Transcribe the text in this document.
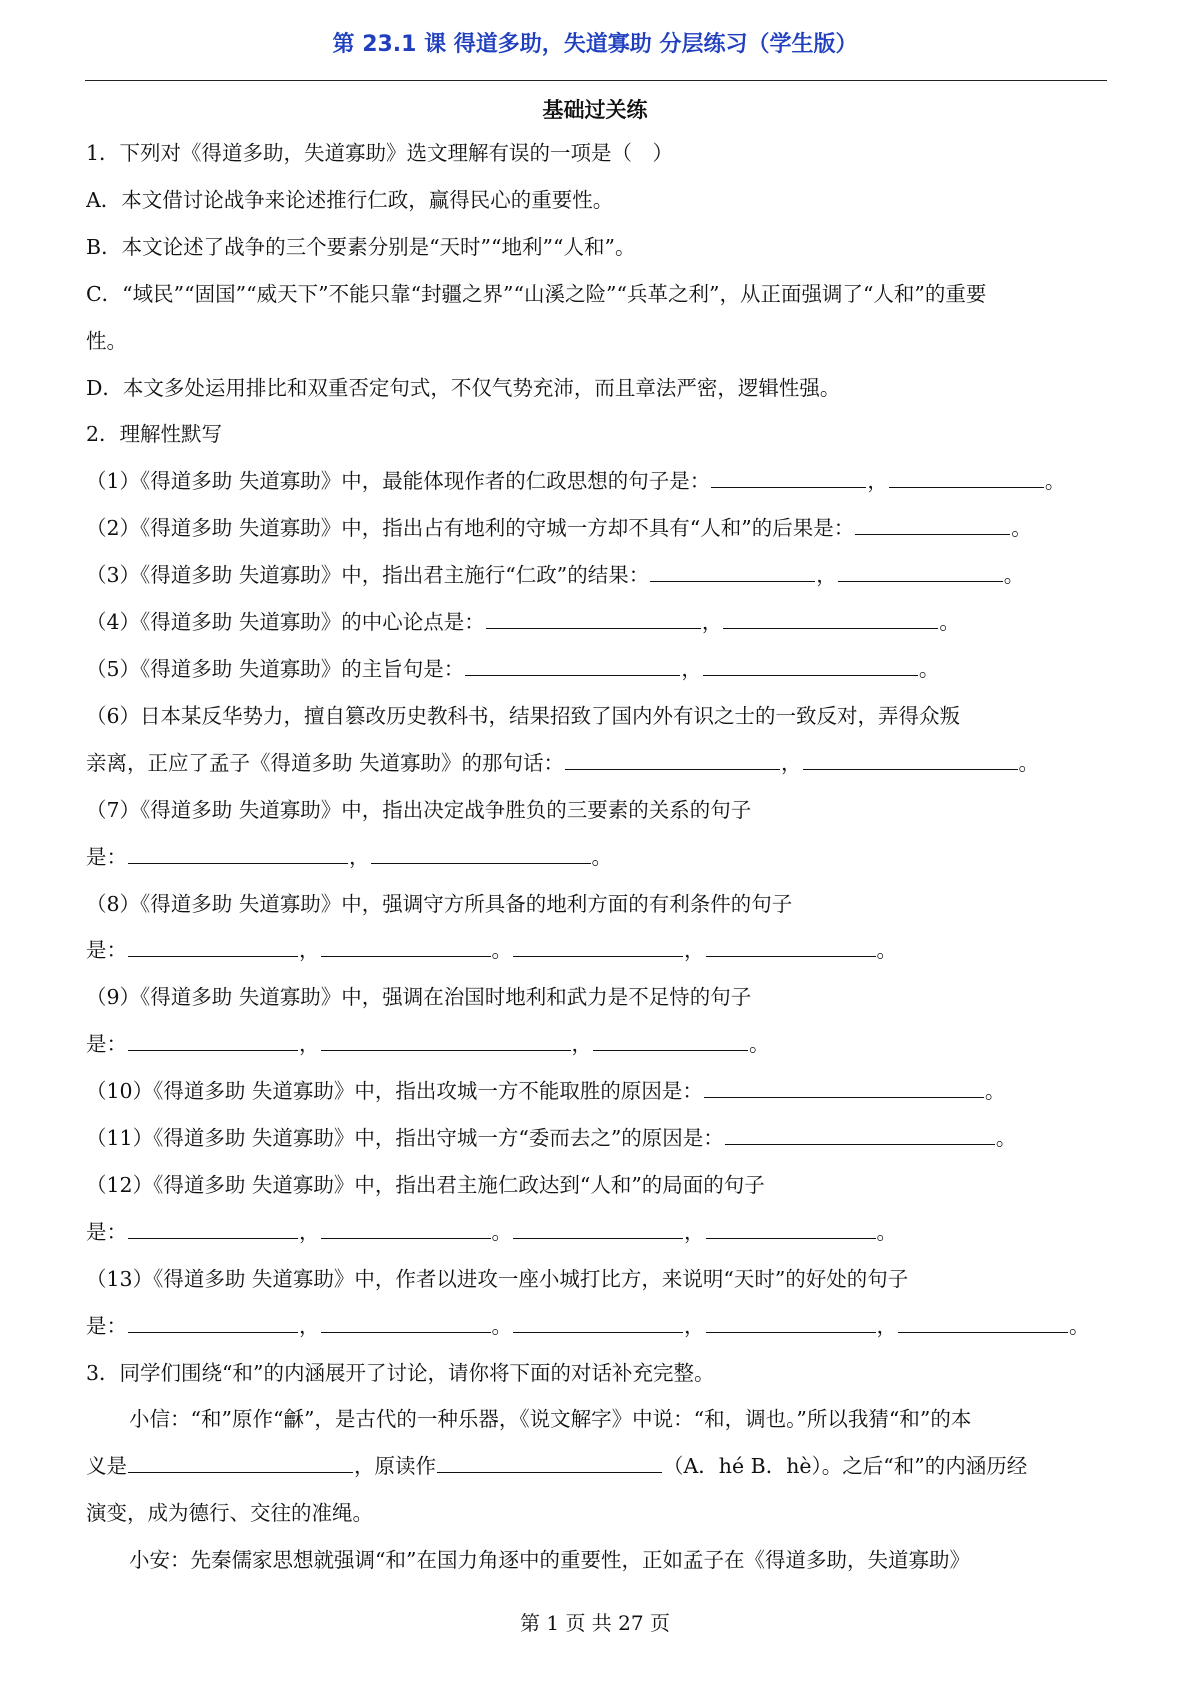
第 23.1 课 得道多助，失道寡助 分层练习（学生版）
基础过关练
1．下列对《得道多助，失道寡助》选文理解有误的一项是（　）
A．本文借讨论战争来论述推行仁政，赢得民心的重要性。
B．本文论述了战争的三个要素分别是“天时”“地利”“人和”。
C．“域民”“固国”“威天下”不能只靠“封疆之界”“山溪之险”“兵革之利”，从正面强调了“人和”的重要
性。
D．本文多处运用排比和双重否定句式，不仅气势充沛，而且章法严密，逻辑性强。
2．理解性默写
（1）《得道多助 失道寡助》中，最能体现作者的仁政思想的句子是：	，	。
（2）《得道多助 失道寡助》中，指出占有地利的守城一方却不具有“人和”的后果是：	。
（3）《得道多助 失道寡助》中，指出君主施行“仁政”的结果：	，	。
（4）《得道多助 失道寡助》的中心论点是：	，	。
（5）《得道多助 失道寡助》的主旨句是：	，	。
（6）日本某反华势力，擅自篡改历史教科书，结果招致了国内外有识之士的一致反对，弄得众叛
亲离，正应了孟子《得道多助 失道寡助》的那句话：	，	。
（7）《得道多助 失道寡助》中，指出决定战争胜负的三要素的关系的句子
是：	，	。
（8）《得道多助 失道寡助》中，强调守方所具备的地利方面的有利条件的句子
是：	，	。	，	。
（9）《得道多助 失道寡助》中，强调在治国时地利和武力是不足恃的句子
是：	，	，	。
（10）《得道多助 失道寡助》中，指出攻城一方不能取胜的原因是：	。
（11）《得道多助 失道寡助》中，指出守城一方“委而去之”的原因是：	。
（12）《得道多助 失道寡助》中，指出君主施仁政达到“人和”的局面的句子
是：	，	。	，	。
（13）《得道多助 失道寡助》中，作者以进攻一座小城打比方，来说明“天时”的好处的句子
是：	，	。	，	，	。
3．同学们围绕“和”的内涵展开了讨论，请你将下面的对话补充完整。
小信：“和”原作“龢”，是古代的一种乐器，《说文解字》中说：“和，调也。”所以我猜“和”的本
义是	，原读作	（A．hé B．hè）。之后“和”的内涵历经
演变，成为德行、交往的准绳。
小安：先秦儒家思想就强调“和”在国力角逐中的重要性，正如孟子在《得道多助，失道寡助》
第 1 页 共 27 页
